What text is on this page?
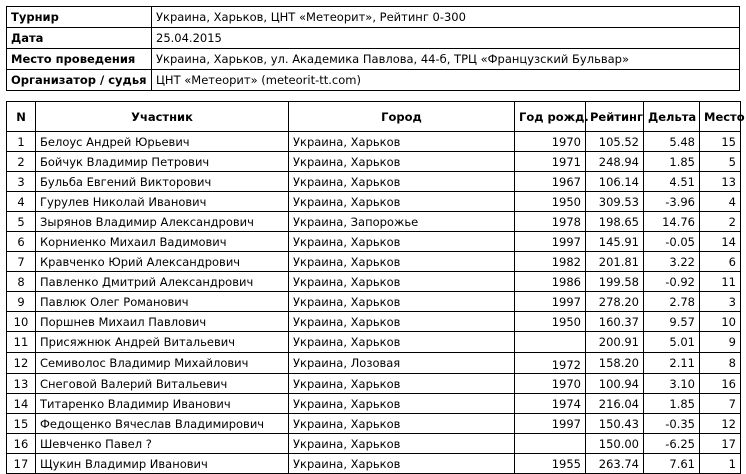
Турнир	Украина, Харьков, ЦНТ «Метеорит», Рейтинг 0-300
Дата	25.04.2015
Место проведения	Украина, Харьков, ул. Академика Павлова, 44-б, ТРЦ «Французский Бульвар»
Организатор / судья	ЦНТ «Метеорит» (meteorit-tt.com)
N	Участник	Город	Год рожд.	Рейтинг	Дельта	Место
1	Белоус Андрей Юрьевич	Украина, Харьков	1970	105.52	5.48	15
2	Бойчук Владимир Петрович	Украина, Харьков	1971	248.94	1.85	5
3	Бульба Евгений Викторович	Украина, Харьков	1967	106.14	4.51	13
4	Гурулев Николай Иванович	Украина, Харьков	1950	309.53	-3.96	4
5	Зырянов Владимир Александрович	Украина, Запорожье	1978	198.65	14.76	2
6	Корниенко Михаил Вадимович	Украина, Харьков	1997	145.91	-0.05	14
7	Кравченко Юрий Александрович	Украина, Харьков	1982	201.81	3.22	6
8	Павленко Дмитрий Александрович	Украина, Харьков	1986	199.58	-0.92	11
9	Павлюк Олег Романович	Украина, Харьков	1997	278.20	2.78	3
10	Поршнев Михаил Павлович	Украина, Харьков	1950	160.37	9.57	10
11	Присяжнюк Андрей Витальевич	Украина, Харьков		200.91	5.01	9
12	Семиволос Владимир Михайлович	Украина, Лозовая	1972	158.20	2.11	8
13	Снеговой Валерий Витальевич	Украина, Харьков	1970	100.94	3.10	16
14	Титаренко Владимир Иванович	Украина, Харьков	1974	216.04	1.85	7
15	Федощенко Вячеслав Владимирович	Украина, Харьков	1997	150.43	-0.35	12
16	Шевченко Павел ?	Украина, Харьков		150.00	-6.25	17
17	Щукин Владимир Иванович	Украина, Харьков	1955	263.74	7.61	1
